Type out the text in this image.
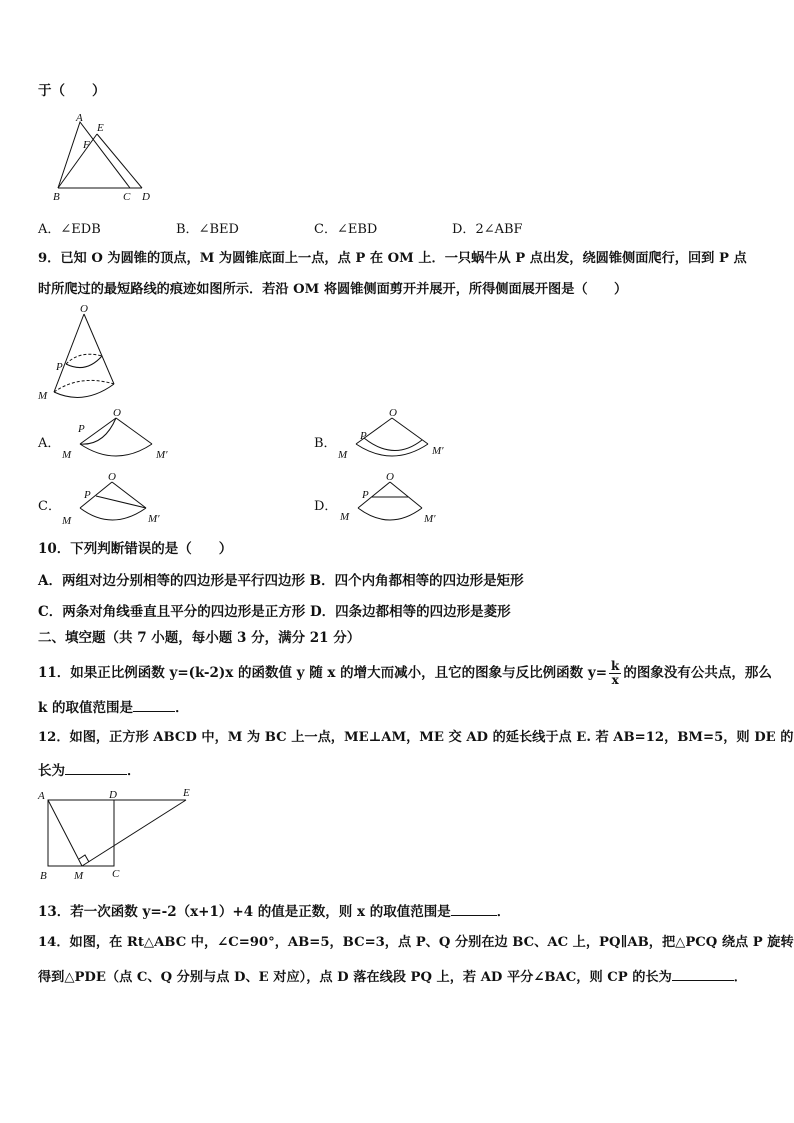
于（　　）
A
E
F
B	C D
A．∠EDB	B．∠BED	C．∠EBD	D．2∠ABF
9．已知 O 为圆锥的顶点，M 为圆锥底面上一点，点 P 在 OM 上．一只蜗牛从 P 点出发，绕圆锥侧面爬行，回到 P 点
时所爬过的最短路线的痕迹如图所示．若沿 OM 将圆锥侧面剪开并展开，所得侧面展开图是（　　）
O
P
M
A．
O
P
M	M′
B．
O
P
M	M′
C．
O
P
M	M′
D．
O
P
M	M′
10．下列判断错误的是（　　）
A．两组对边分别相等的四边形是平行四边形 B．四个内角都相等的四边形是矩形
C．两条对角线垂直且平分的四边形是正方形 D．四条边都相等的四边形是菱形
二、填空题（共 7 小题，每小题 3 分，满分 21 分）
11．如果正比例函数 y=(k-2)x 的函数值 y 随 x 的增大而减小，且它的图象与反比例函数 $y= \frac{k}{x}$ 的图象没有公共点，那么
k 的取值范围是	．
12．如图，正方形 ABCD 中，M 为 BC 上一点，ME⊥AM，ME 交 AD 的延长线于点 E. 若 AB=12，BM=5，则 DE 的
长为	．
A	D	E
B M	C
13．若一次函数 y=-2（x+1）+4 的值是正数，则 x 的取值范围是	．
14．如图，在 Rt△ABC 中，∠C=90°，AB=5，BC=3，点 P、Q 分别在边 BC、AC 上，PQ∥AB，把△PCQ 绕点 P 旋转
得到△PDE（点 C、Q 分别与点 D、E 对应），点 D 落在线段 PQ 上，若 AD 平分∠BAC，则 CP 的长为	．
